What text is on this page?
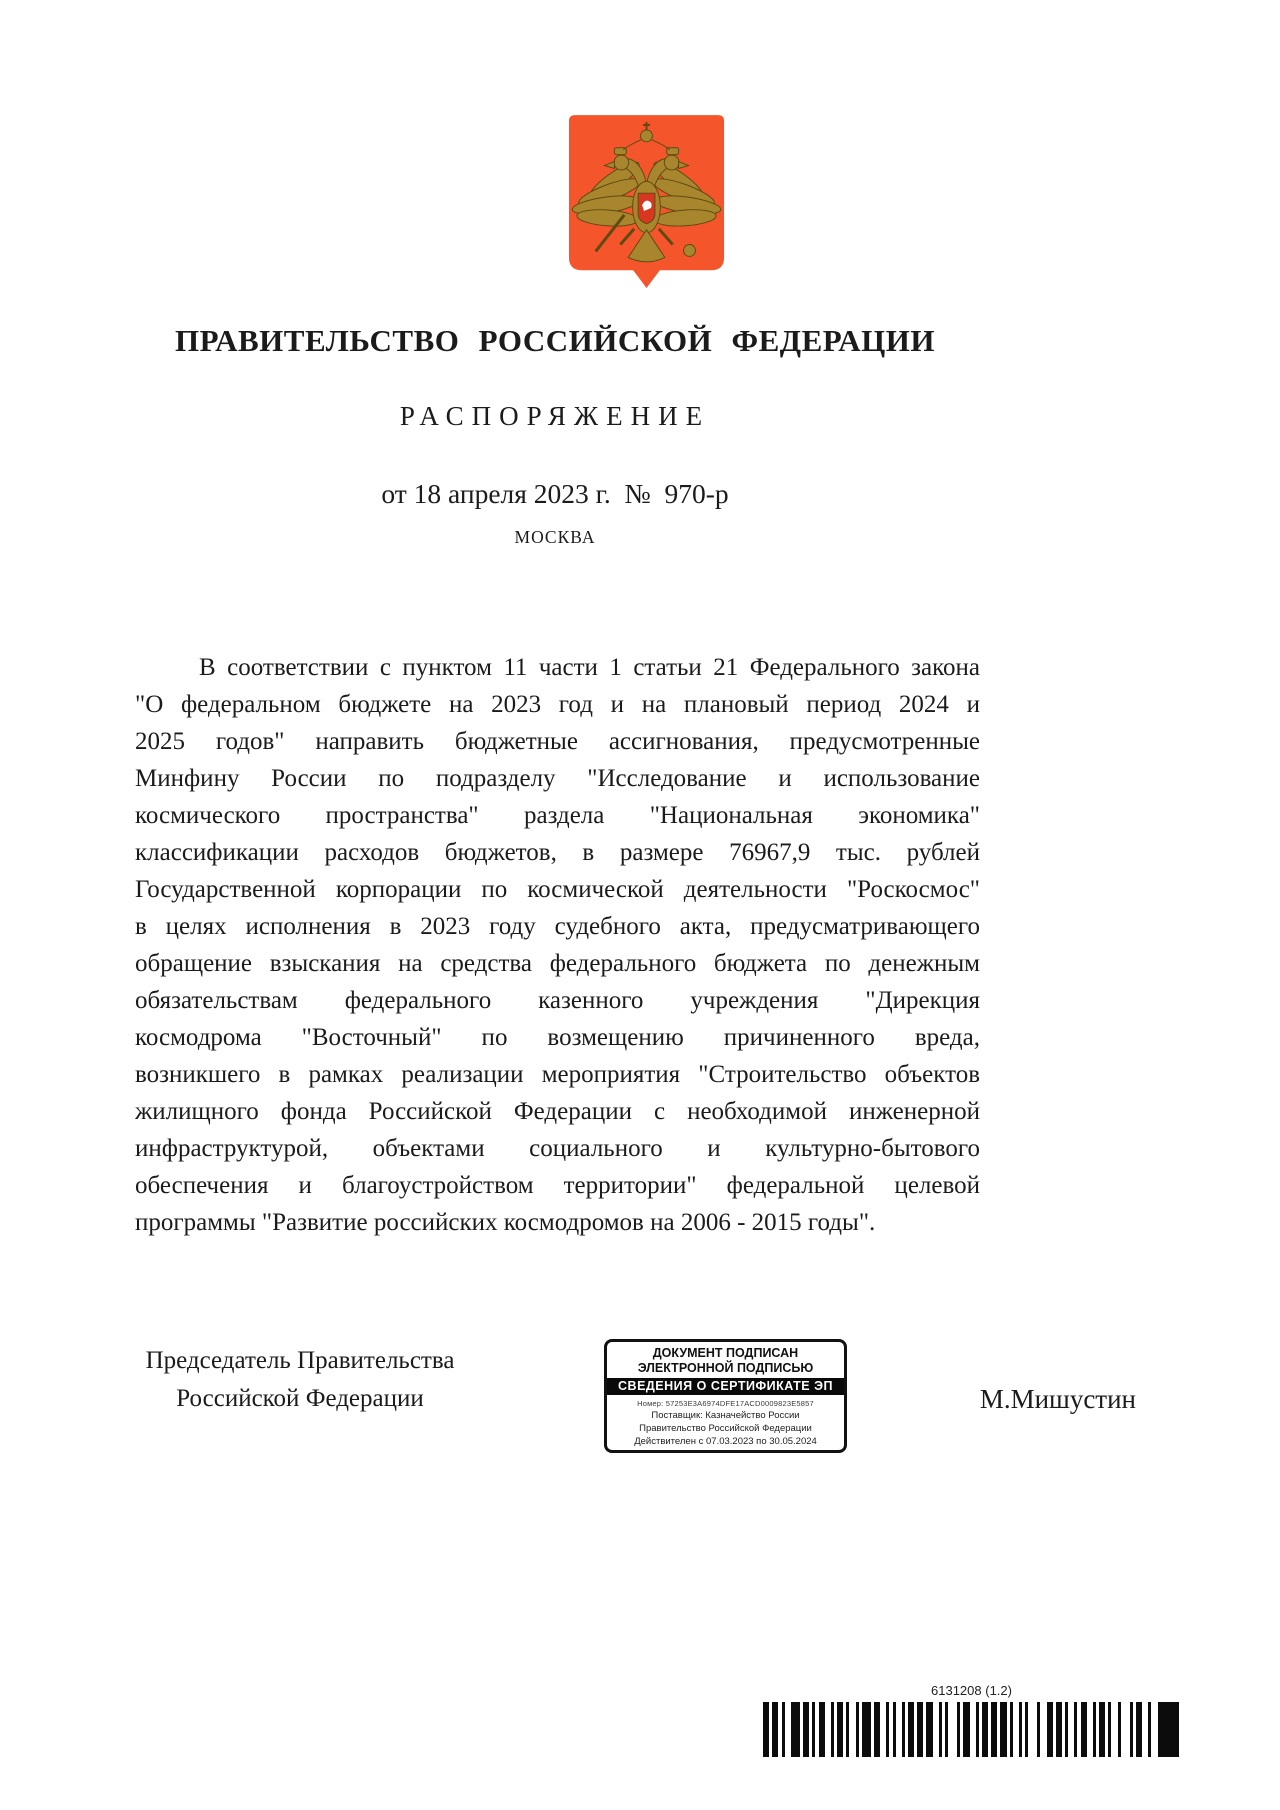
ПРАВИТЕЛЬСТВО РОССИЙСКОЙ ФЕДЕРАЦИИ
РАСПОРЯЖЕНИЕ
от 18 апреля 2023 г.  №  970-р
МОСКВА
В соответствии с пунктом 11 части 1 статьи 21 Федерального закона
"О федеральном бюджете на 2023 год и на плановый период 2024 и
2025 годов" направить бюджетные ассигнования, предусмотренные
Минфину России по подразделу "Исследование и использование
космического пространства" раздела "Национальная экономика"
классификации расходов бюджетов, в размере 76967,9 тыс. рублей
Государственной корпорации по космической деятельности "Роскосмос"
в целях исполнения в 2023 году судебного акта, предусматривающего
обращение взыскания на средства федерального бюджета по денежным
обязательствам федерального казенного учреждения "Дирекция
космодрома "Восточный" по возмещению причиненного вреда,
возникшего в рамках реализации мероприятия "Строительство объектов
жилищного фонда Российской Федерации с необходимой инженерной
инфраструктурой, объектами социального и культурно-бытового
обеспечения и благоустройством территории" федеральной целевой
программы "Развитие российских космодромов на 2006 - 2015 годы".
Председатель Правительства
Российской Федерации
ДОКУМЕНТ ПОДПИСАН
ЭЛЕКТРОННОЙ ПОДПИСЬЮ
СВЕДЕНИЯ О СЕРТИФИКАТЕ ЭП
Номер: 57253E3A6974DFE17ACD0009823E5857
Поставщик: Казначейство России
Правительство Российской Федерации
Действителен с 07.03.2023 по 30.05.2024
М.Мишустин
6131208 (1.2)
